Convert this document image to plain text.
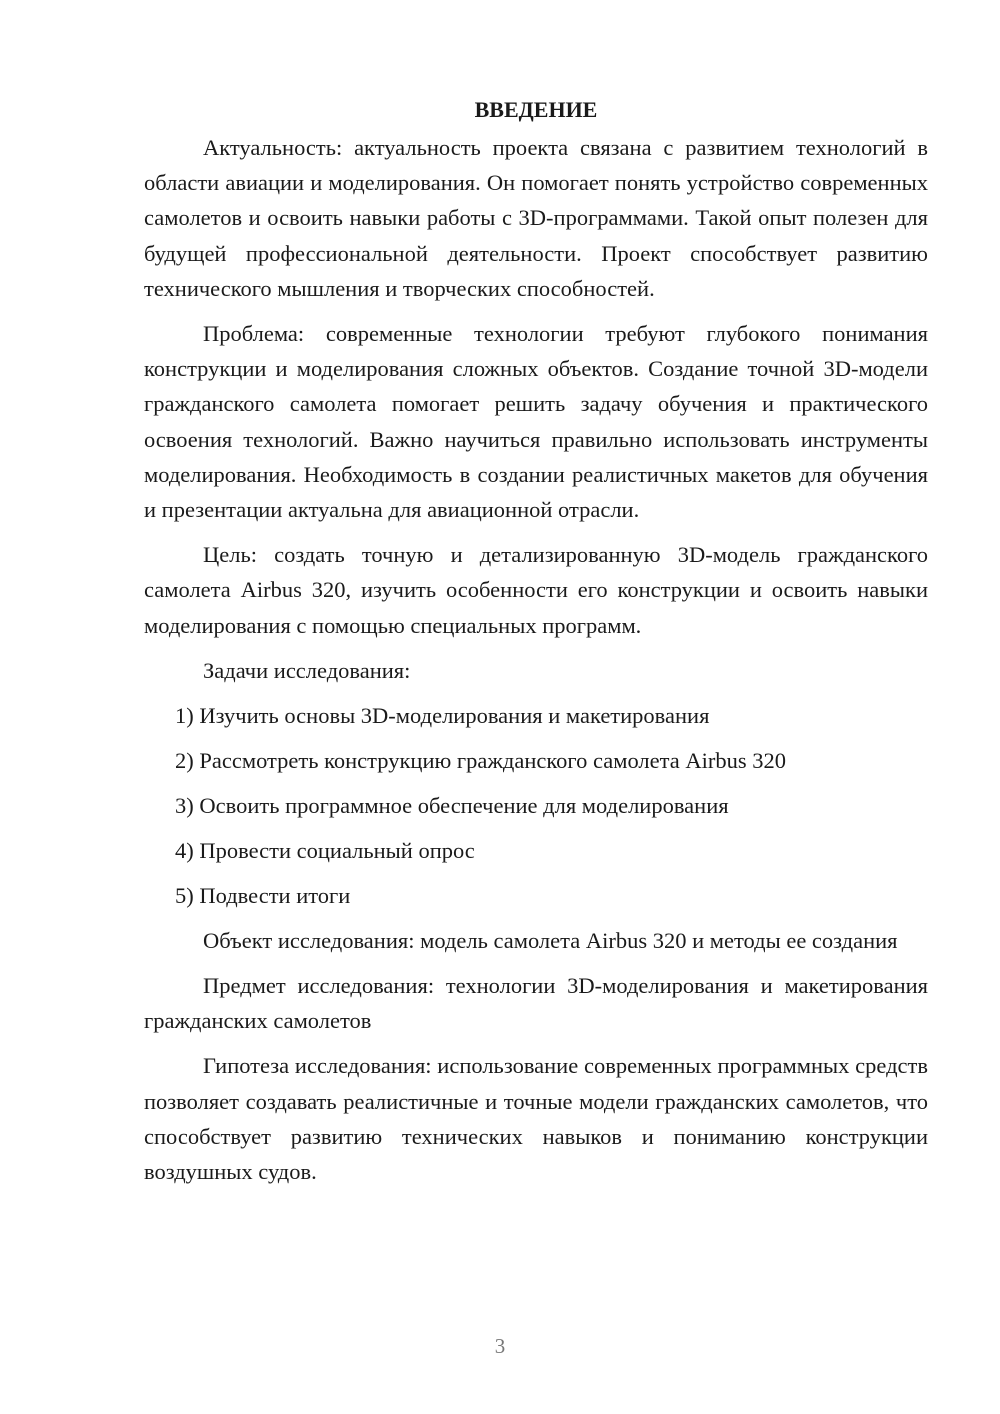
ВВЕДЕНИЕ

Актуальность: актуальность проекта связана с развитием технологий в области авиации и моделирования. Он помогает понять устройство современных самолетов и освоить навыки работы с 3D-программами. Такой опыт полезен для будущей профессиональной деятельности. Проект способствует развитию технического мышления и творческих способностей.

Проблема: современные технологии требуют глубокого понимания конструкции и моделирования сложных объектов. Создание точной 3D-модели гражданского самолета помогает решить задачу обучения и практического освоения технологий. Важно научиться правильно использовать инструменты моделирования. Необходимость в создании реалистичных макетов для обучения и презентации актуальна для авиационной отрасли.

Цель: создать точную и детализированную 3D-модель гражданского самолета Airbus 320, изучить особенности его конструкции и освоить навыки моделирования с помощью специальных программ.

Задачи исследования:

1) Изучить основы 3D-моделирования и макетирования
2) Рассмотреть конструкцию гражданского самолета Airbus 320
3) Освоить программное обеспечение для моделирования
4) Провести социальный опрос
5) Подвести итоги

Объект исследования: модель самолета Airbus 320 и методы ее создания

Предмет исследования: технологии 3D-моделирования и макетирования гражданских самолетов

Гипотеза исследования: использование современных программных средств позволяет создавать реалистичные и точные модели гражданских самолетов, что способствует развитию технических навыков и пониманию конструкции воздушных судов.

3
